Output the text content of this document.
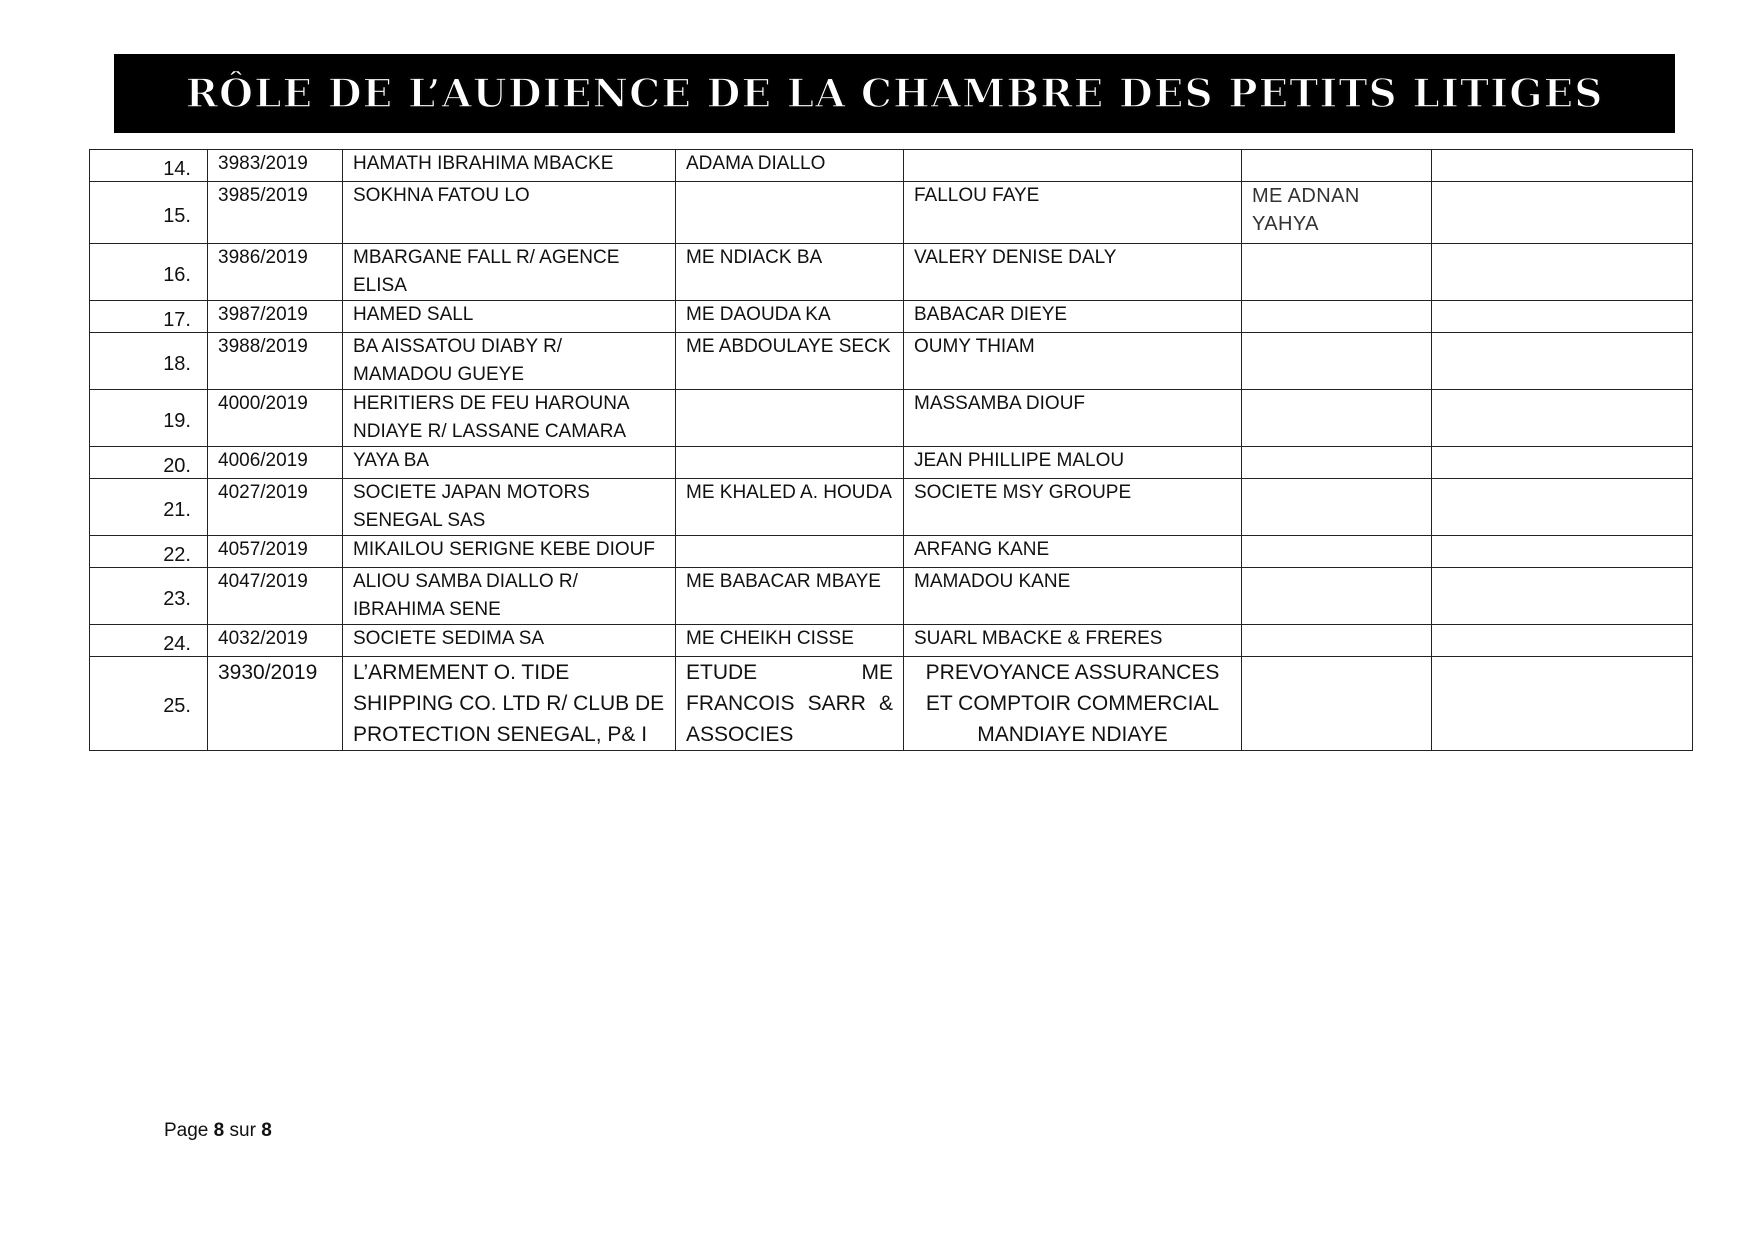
RÔLE DE L’AUDIENCE DE LA CHAMBRE DES PETITS LITIGES
14.	3983/2019	HAMATH IBRAHIMA MBACKE	ADAMA DIALLO			
15.	3985/2019	SOKHNA FATOU LO		FALLOU FAYE	ME ADNAN YAHYA	
16.	3986/2019	MBARGANE FALL R/ AGENCE ELISA	ME NDIACK BA	VALERY DENISE DALY		
17.	3987/2019	HAMED SALL	ME DAOUDA KA	BABACAR DIEYE		
18.	3988/2019	BA AISSATOU DIABY R/ MAMADOU GUEYE	ME ABDOULAYE SECK	OUMY THIAM		
19.	4000/2019	HERITIERS DE FEU HAROUNA NDIAYE R/ LASSANE CAMARA		MASSAMBA DIOUF		
20.	4006/2019	YAYA BA		JEAN PHILLIPE MALOU		
21.	4027/2019	SOCIETE JAPAN MOTORS SENEGAL SAS	ME KHALED A. HOUDA	SOCIETE MSY GROUPE		
22.	4057/2019	MIKAILOU SERIGNE KEBE DIOUF		ARFANG KANE		
23.	4047/2019	ALIOU SAMBA DIALLO R/ IBRAHIMA SENE	ME BABACAR MBAYE	MAMADOU KANE		
24.	4032/2019	SOCIETE SEDIMA SA	ME CHEIKH CISSE	SUARL MBACKE & FRERES		
25.	3930/2019	L’ARMEMENT O. TIDE SHIPPING CO. LTD R/ CLUB DE PROTECTION SENEGAL, P& I	ETUDE ME FRANCOIS SARR & ASSOCIES	PREVOYANCE ASSURANCES ET COMPTOIR COMMERCIAL MANDIAYE NDIAYE		
Page 8 sur 8
